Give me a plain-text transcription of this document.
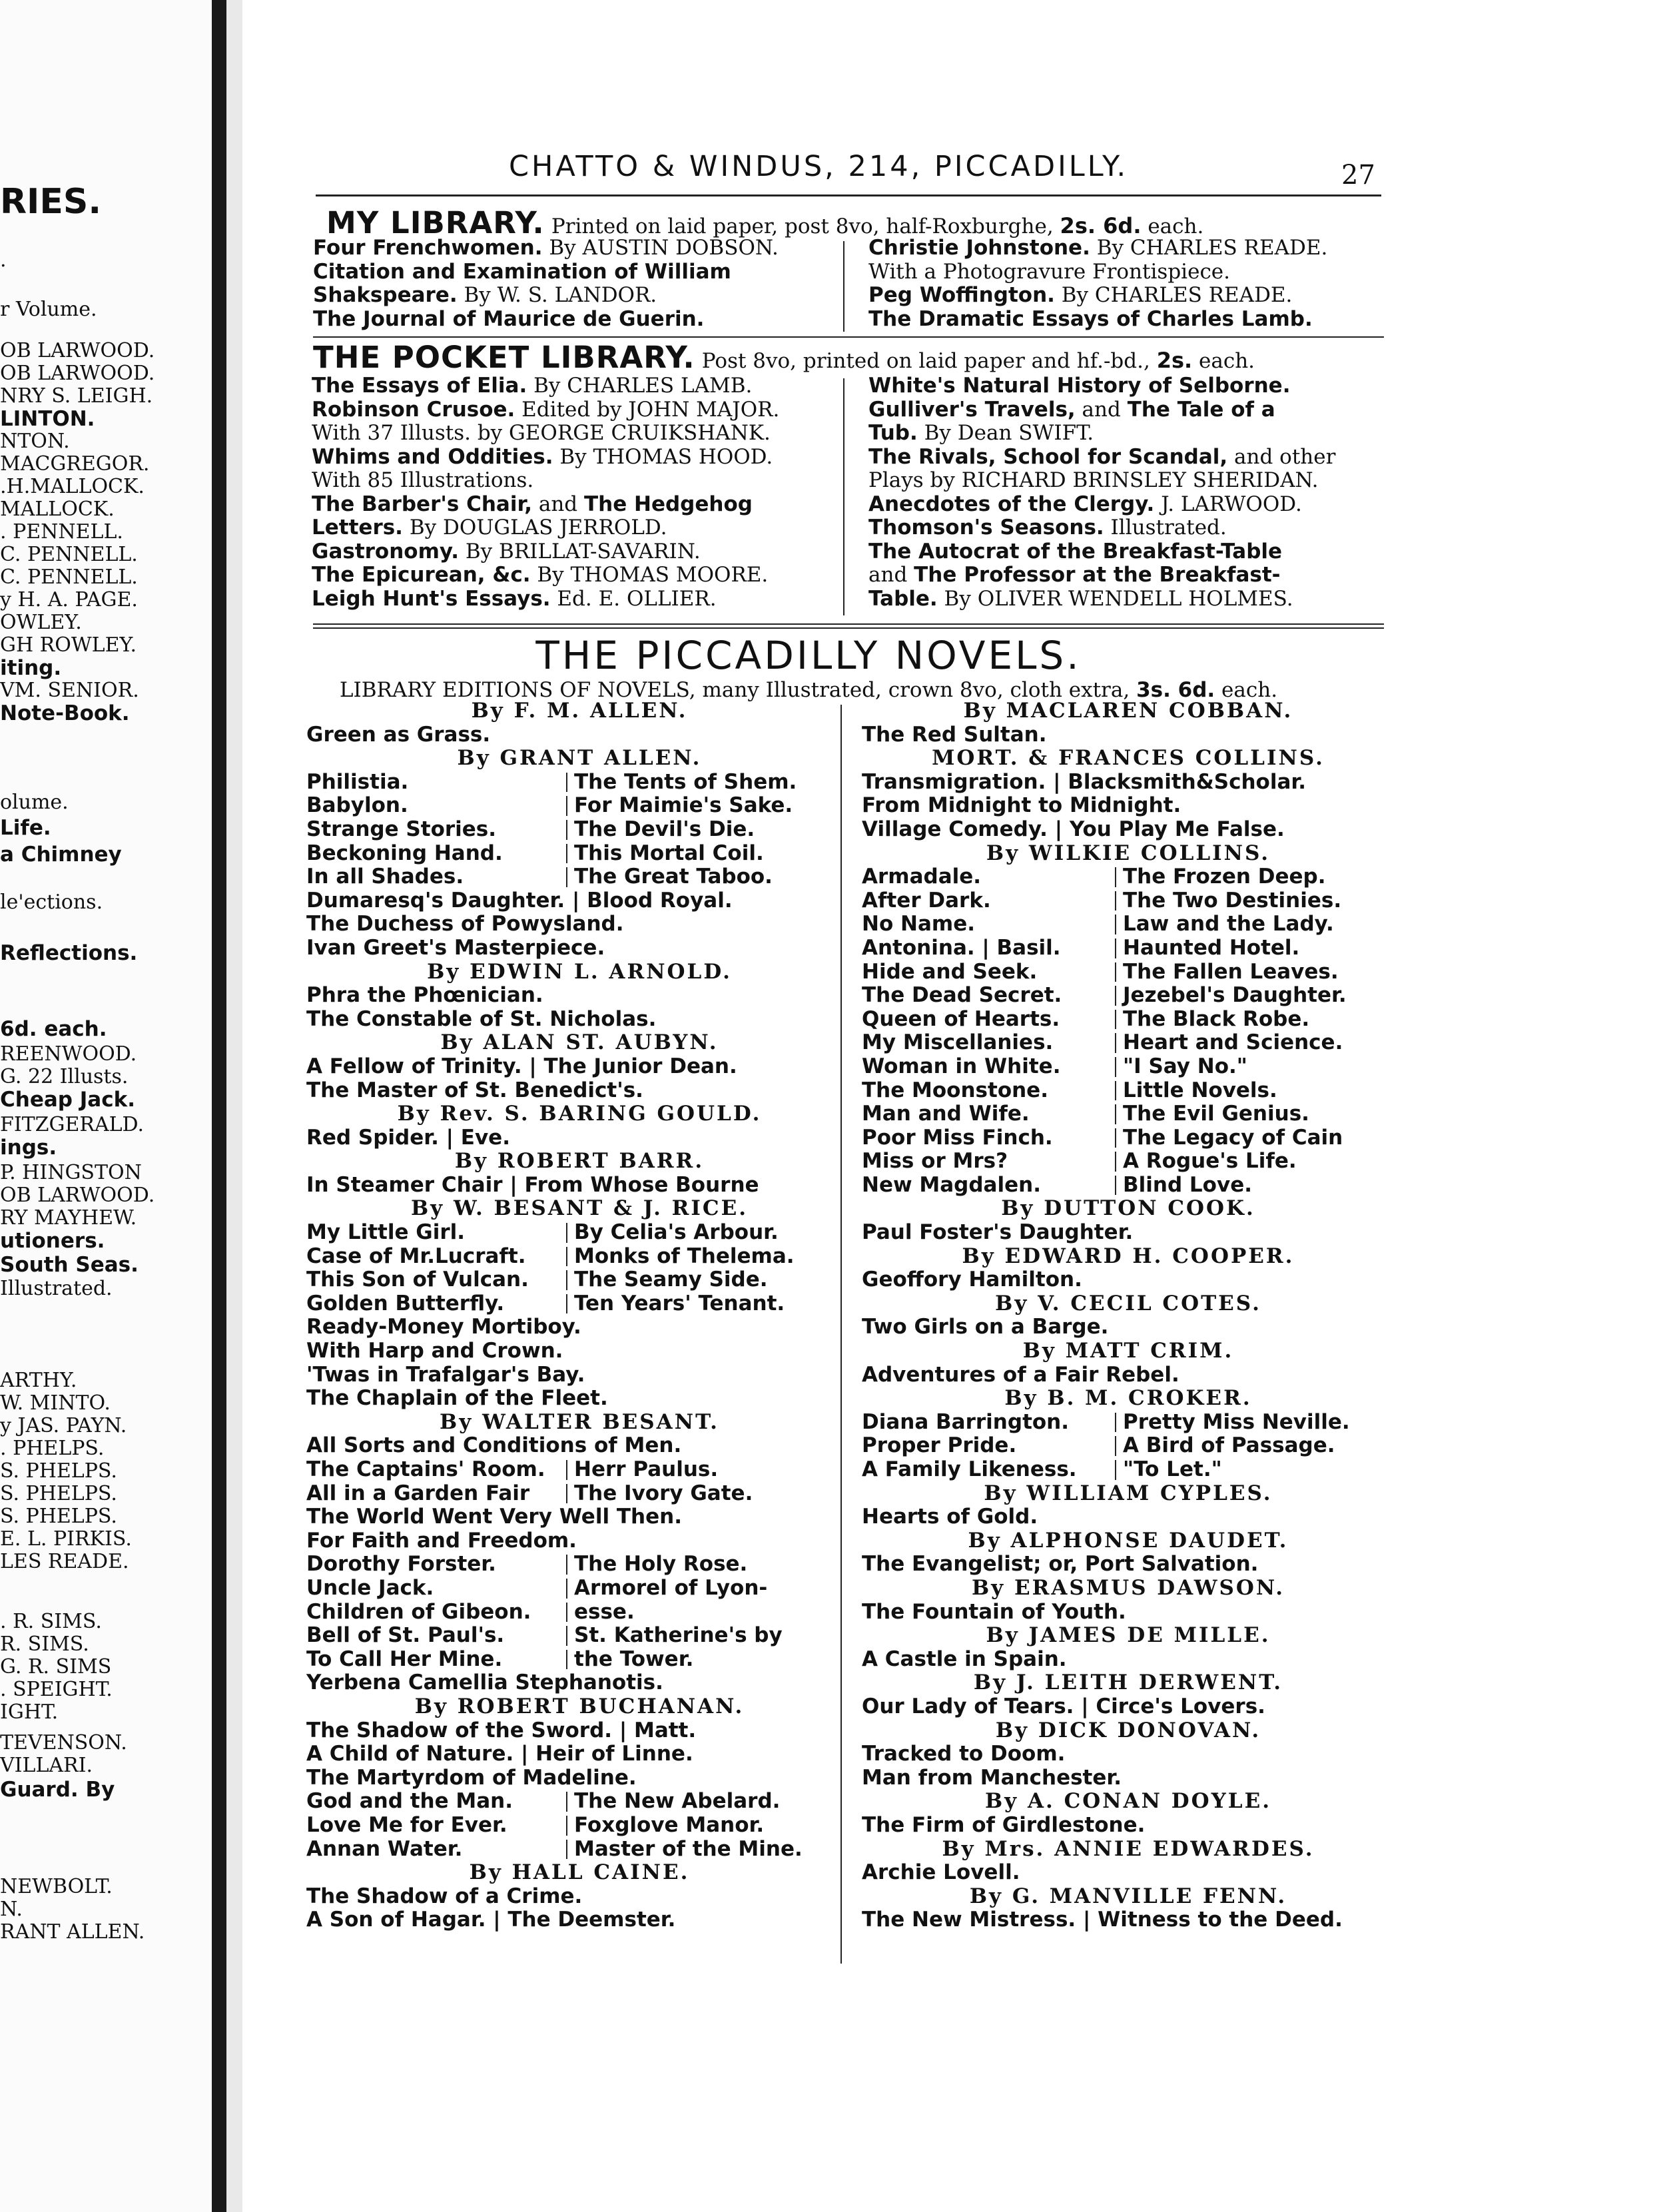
RIES.
.
r Volume.
OB LARWOOD.
OB LARWOOD.
NRY S. LEIGH.
LINTON.
NTON.
MACGREGOR.
.H.MALLOCK.
MALLOCK.
. PENNELL.
C. PENNELL.
C. PENNELL.
y H. A. PAGE.
OWLEY.
GH ROWLEY.
iting.
VM. SENIOR.
Note-Book.
olume.
Life.
a Chimney
le'ections.
Reflections.
6d. each.
REENWOOD.
G. 22 Illusts.
Cheap Jack.
FITZGERALD.
ings.
P. HINGSTON
OB LARWOOD.
RY MAYHEW.
utioners.
South Seas.
Illustrated.
ARTHY.
W. MINTO.
y JAS. PAYN.
. PHELPS.
S. PHELPS.
S. PHELPS.
S. PHELPS.
E. L. PIRKIS.
LES READE.
. R. SIMS.
R. SIMS.
G. R. SIMS
. SPEIGHT.
IGHT.
TEVENSON.
VILLARI.
Guard. By
NEWBOLT.
N.
RANT ALLEN.
CHATTO & WINDUS, 214, PICCADILLY.	27
MY LIBRARY. Printed on laid paper, post 8vo, half-Roxburghe, 2s. 6d. each.
Four Frenchwomen. By AUSTIN DOBSON.
Citation and Examination of William
Shakspeare. By W. S. LANDOR.
The Journal of Maurice de Guerin.
Christie Johnstone. By CHARLES READE.
With a Photogravure Frontispiece.
Peg Woffington. By CHARLES READE.
The Dramatic Essays of Charles Lamb.
THE POCKET LIBRARY. Post 8vo, printed on laid paper and hf.-bd., 2s. each.
The Essays of Elia. By CHARLES LAMB.
Robinson Crusoe. Edited by JOHN MAJOR.
With 37 Illusts. by GEORGE CRUIKSHANK.
Whims and Oddities. By THOMAS HOOD.
With 85 Illustrations.
The Barber's Chair, and The Hedgehog
Letters. By DOUGLAS JERROLD.
Gastronomy. By BRILLAT-SAVARIN.
The Epicurean, &c. By THOMAS MOORE.
Leigh Hunt's Essays. Ed. E. OLLIER.
White's Natural History of Selborne.
Gulliver's Travels, and The Tale of a
Tub. By Dean SWIFT.
The Rivals, School for Scandal, and other
Plays by RICHARD BRINSLEY SHERIDAN.
Anecdotes of the Clergy. J. LARWOOD.
Thomson's Seasons. Illustrated.
The Autocrat of the Breakfast-Table
and The Professor at the Breakfast-
Table. By OLIVER WENDELL HOLMES.
THE PICCADILLY NOVELS.
LIBRARY EDITIONS OF NOVELS, many Illustrated, crown 8vo, cloth extra, 3s. 6d. each.
By F. M. ALLEN.
Green as Grass.
By GRANT ALLEN.
Philistia.	The Tents of Shem.
Babylon.	For Maimie's Sake.
Strange Stories.	The Devil's Die.
Beckoning Hand.	This Mortal Coil.
In all Shades.	The Great Taboo.
Dumaresq's Daughter. | Blood Royal.
The Duchess of Powysland.
Ivan Greet's Masterpiece.
By EDWIN L. ARNOLD.
Phra the Phœnician.
The Constable of St. Nicholas.
By ALAN ST. AUBYN.
A Fellow of Trinity. | The Junior Dean.
The Master of St. Benedict's.
By Rev. S. BARING GOULD.
Red Spider. | Eve.
By ROBERT BARR.
In Steamer Chair | From Whose Bourne
By W. BESANT & J. RICE.
My Little Girl.	By Celia's Arbour.
Case of Mr.Lucraft.	Monks of Thelema.
This Son of Vulcan.	The Seamy Side.
Golden Butterfly.	Ten Years' Tenant.
Ready-Money Mortiboy.
With Harp and Crown.
'Twas in Trafalgar's Bay.
The Chaplain of the Fleet.
By WALTER BESANT.
All Sorts and Conditions of Men.
The Captains' Room.	Herr Paulus.
All in a Garden Fair	The Ivory Gate.
The World Went Very Well Then.
For Faith and Freedom.
Dorothy Forster.	The Holy Rose.
Uncle Jack.	Armorel of Lyon-
Children of Gibeon.	esse.
Bell of St. Paul's.	St. Katherine's by
To Call Her Mine.	the Tower.
Yerbena Camellia Stephanotis.
By ROBERT BUCHANAN.
The Shadow of the Sword. | Matt.
A Child of Nature. | Heir of Linne.
The Martyrdom of Madeline.
God and the Man.	The New Abelard.
Love Me for Ever.	Foxglove Manor.
Annan Water.	Master of the Mine.
By HALL CAINE.
The Shadow of a Crime.
A Son of Hagar. | The Deemster.
By MACLAREN COBBAN.
The Red Sultan.
MORT. & FRANCES COLLINS.
Transmigration. | Blacksmith&Scholar.
From Midnight to Midnight.
Village Comedy. | You Play Me False.
By WILKIE COLLINS.
Armadale.	The Frozen Deep.
After Dark.	The Two Destinies.
No Name.	Law and the Lady.
Antonina. | Basil.	Haunted Hotel.
Hide and Seek.	The Fallen Leaves.
The Dead Secret.	Jezebel's Daughter.
Queen of Hearts.	The Black Robe.
My Miscellanies.	Heart and Science.
Woman in White.	"I Say No."
The Moonstone.	Little Novels.
Man and Wife.	The Evil Genius.
Poor Miss Finch.	The Legacy of Cain
Miss or Mrs?	A Rogue's Life.
New Magdalen.	Blind Love.
By DUTTON COOK.
Paul Foster's Daughter.
By EDWARD H. COOPER.
Geoffory Hamilton.
By V. CECIL COTES.
Two Girls on a Barge.
By MATT CRIM.
Adventures of a Fair Rebel.
By B. M. CROKER.
Diana Barrington.	Pretty Miss Neville.
Proper Pride.	A Bird of Passage.
A Family Likeness.	"To Let."
By WILLIAM CYPLES.
Hearts of Gold.
By ALPHONSE DAUDET.
The Evangelist; or, Port Salvation.
By ERASMUS DAWSON.
The Fountain of Youth.
By JAMES DE MILLE.
A Castle in Spain.
By J. LEITH DERWENT.
Our Lady of Tears. | Circe's Lovers.
By DICK DONOVAN.
Tracked to Doom.
Man from Manchester.
By A. CONAN DOYLE.
The Firm of Girdlestone.
By Mrs. ANNIE EDWARDES.
Archie Lovell.
By G. MANVILLE FENN.
The New Mistress. | Witness to the Deed.
